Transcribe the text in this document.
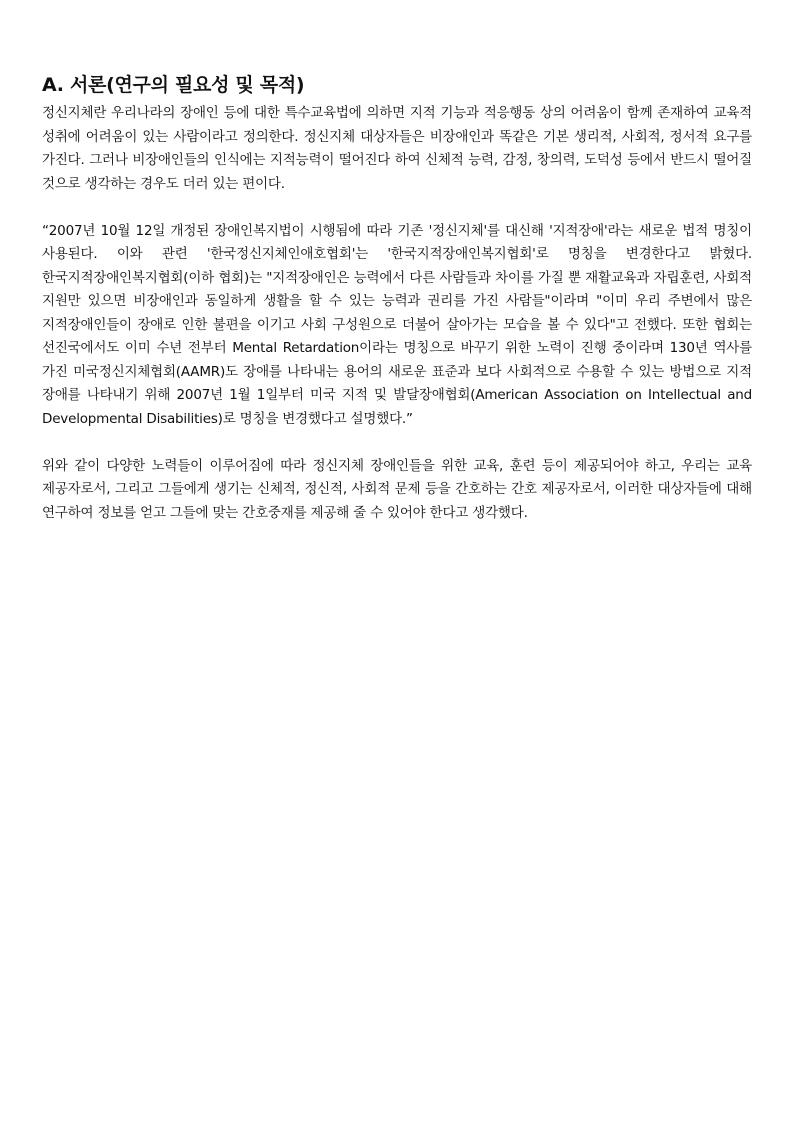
A. 서론(연구의 필요성 및 목적)

정신지체란 우리나라의 장애인 등에 대한 특수교육법에 의하면 지적 기능과 적응행동 상의 어려움이 함께 존재하여 교육적 성취에 어려움이 있는 사람이라고 정의한다. 정신지체 대상자들은 비장애인과 똑같은 기본 생리적, 사회적, 정서적 요구를 가진다. 그러나 비장애인들의 인식에는 지적능력이 떨어진다 하여 신체적 능력, 감정, 창의력, 도덕성 등에서 반드시 떨어질 것으로 생각하는 경우도 더러 있는 편이다.

“2007년 10월 12일 개정된 장애인복지법이 시행됨에 따라 기존 '정신지체'를 대신해 '지적장애'라는 새로운 법적 명칭이 사용된다. 이와 관련 '한국정신지체인애호협회'는 '한국지적장애인복지협회'로 명칭을 변경한다고 밝혔다. 한국지적장애인복지협회(이하 협회)는 "지적장애인은 능력에서 다른 사람들과 차이를 가질 뿐 재활교육과 자립훈련, 사회적 지원만 있으면 비장애인과 동일하게 생활을 할 수 있는 능력과 권리를 가진 사람들"이라며 "이미 우리 주변에서 많은 지적장애인들이 장애로 인한 불편을 이기고 사회 구성원으로 더불어 살아가는 모습을 볼 수 있다"고 전했다. 또한 협회는 선진국에서도 이미 수년 전부터 Mental Retardation이라는 명칭으로 바꾸기 위한 노력이 진행 중이라며 130년 역사를 가진 미국정신지체협회(AAMR)도 장애를 나타내는 용어의 새로운 표준과 보다 사회적으로 수용할 수 있는 방법으로 지적 장애를 나타내기 위해 2007년 1월 1일부터 미국 지적 및 발달장애협회(American Association on Intellectual and Developmental Disabilities)로 명칭을 변경했다고 설명했다.”

위와 같이 다양한 노력들이 이루어짐에 따라 정신지체 장애인들을 위한 교육, 훈련 등이 제공되어야 하고, 우리는 교육 제공자로서, 그리고 그들에게 생기는 신체적, 정신적, 사회적 문제 등을 간호하는 간호 제공자로서, 이러한 대상자들에 대해 연구하여 정보를 얻고 그들에 맞는 간호중재를 제공해 줄 수 있어야 한다고 생각했다.
